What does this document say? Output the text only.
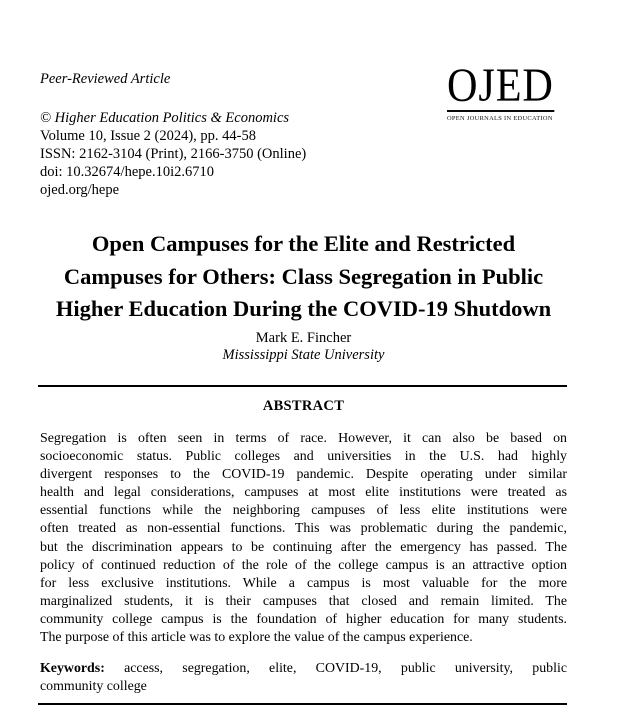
Peer-Reviewed Article
© Higher Education Politics & Economics
Volume 10, Issue 2 (2024), pp. 44-58
ISSN: 2162-3104 (Print), 2166-3750 (Online)
doi: 10.32674/hepe.10i2.6710
ojed.org/hepe
OJED
OPEN JOURNALS IN EDUCATION
Open Campuses for the Elite and Restricted
Campuses for Others: Class Segregation in Public
Higher Education During the COVID-19 Shutdown
Mark E. Fincher
Mississippi State University
ABSTRACT
Segregation is often seen in terms of race. However, it can also be based on
socioeconomic status. Public colleges and universities in the U.S. had highly
divergent responses to the COVID-19 pandemic. Despite operating under similar
health and legal considerations, campuses at most elite institutions were treated as
essential functions while the neighboring campuses of less elite institutions were
often treated as non-essential functions. This was problematic during the pandemic,
but the discrimination appears to be continuing after the emergency has passed. The
policy of continued reduction of the role of the college campus is an attractive option
for less exclusive institutions. While a campus is most valuable for the more
marginalized students, it is their campuses that closed and remain limited. The
community college campus is the foundation of higher education for many students.
The purpose of this article was to explore the value of the campus experience.
Keywords: access, segregation, elite, COVID-19, public university, public
community college
